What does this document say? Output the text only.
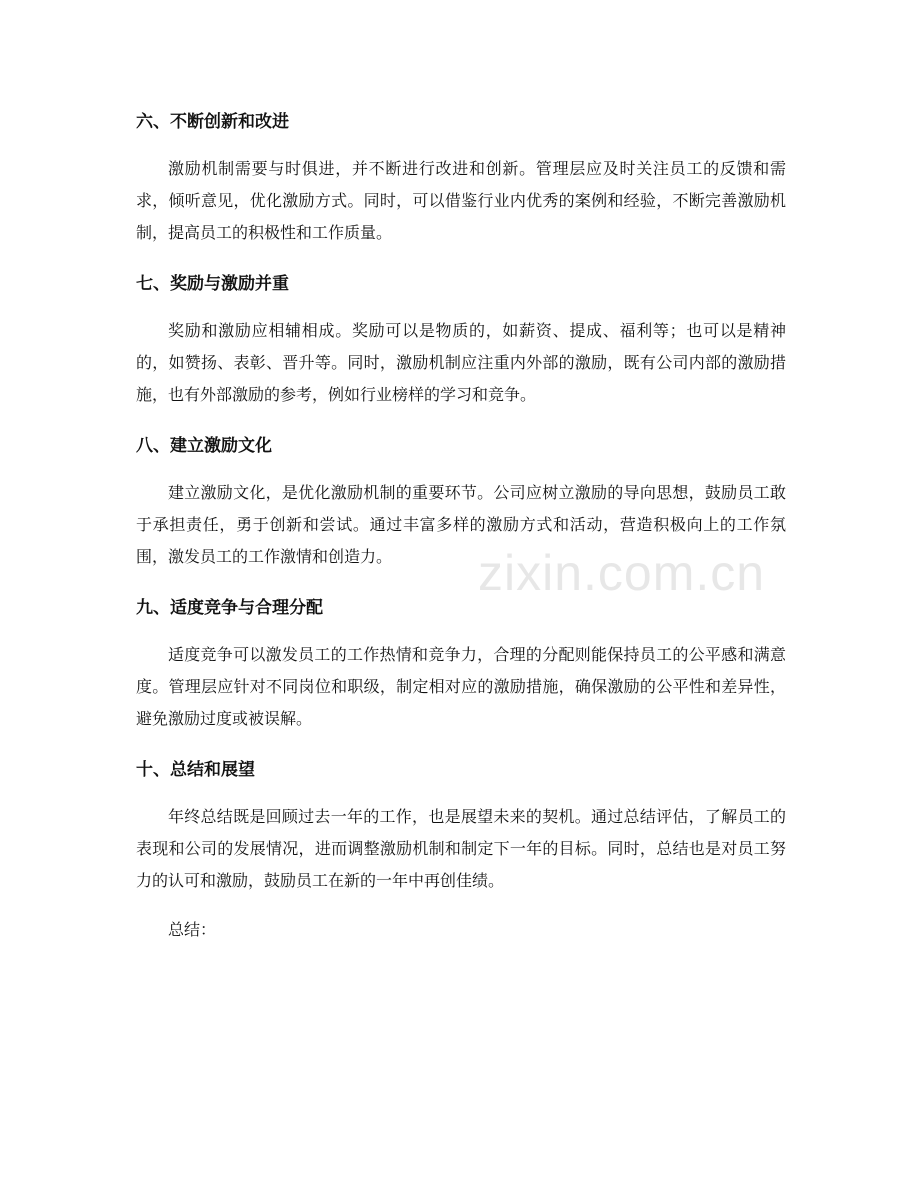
六、不断创新和改进

激励机制需要与时俱进，并不断进行改进和创新。管理层应及时关注员工的反馈和需求，倾听意见，优化激励方式。同时，可以借鉴行业内优秀的案例和经验，不断完善激励机制，提高员工的积极性和工作质量。

七、奖励与激励并重

奖励和激励应相辅相成。奖励可以是物质的，如薪资、提成、福利等；也可以是精神的，如赞扬、表彰、晋升等。同时，激励机制应注重内外部的激励，既有公司内部的激励措施，也有外部激励的参考，例如行业榜样的学习和竞争。

八、建立激励文化

建立激励文化，是优化激励机制的重要环节。公司应树立激励的导向思想，鼓励员工敢于承担责任，勇于创新和尝试。通过丰富多样的激励方式和活动，营造积极向上的工作氛围，激发员工的工作激情和创造力。

九、适度竞争与合理分配

适度竞争可以激发员工的工作热情和竞争力，合理的分配则能保持员工的公平感和满意度。管理层应针对不同岗位和职级，制定相对应的激励措施，确保激励的公平性和差异性，避免激励过度或被误解。

十、总结和展望

年终总结既是回顾过去一年的工作，也是展望未来的契机。通过总结评估，了解员工的表现和公司的发展情况，进而调整激励机制和制定下一年的目标。同时，总结也是对员工努力的认可和激励，鼓励员工在新的一年中再创佳绩。

总结：

zixin.com.cn
